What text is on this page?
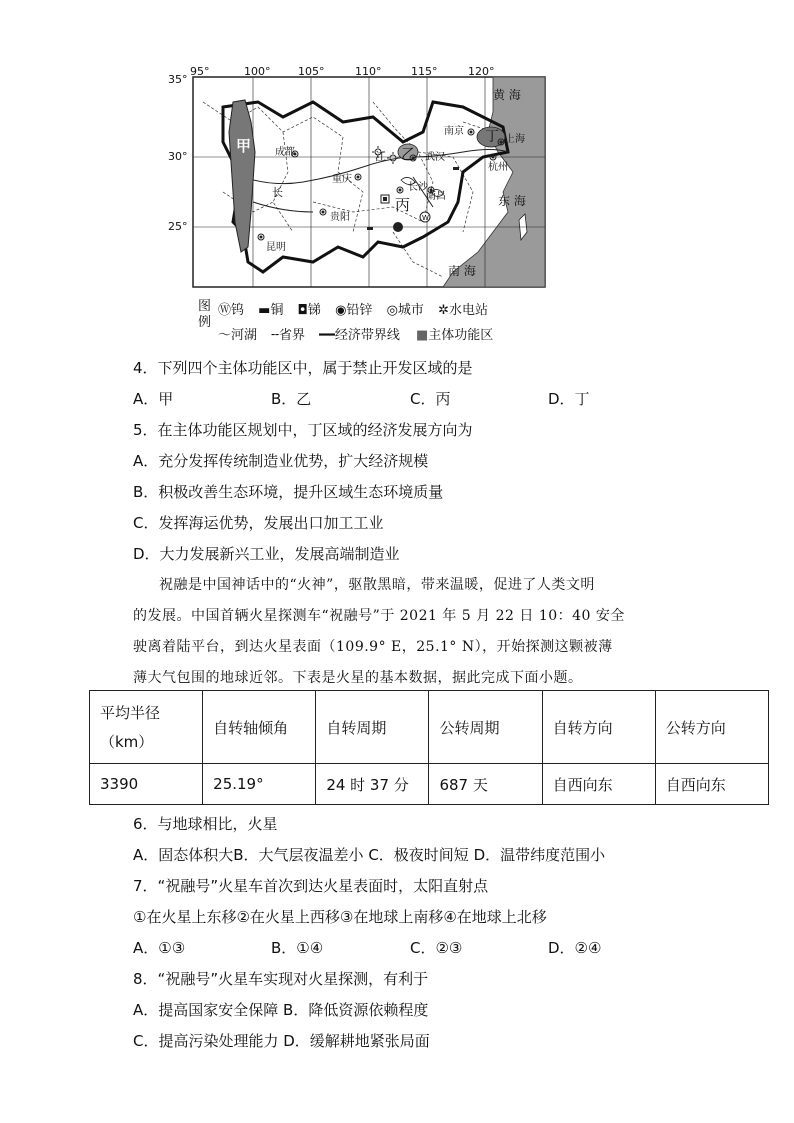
W
95°	100°	105°	110°	115°	120°
35°
30°
25°
黄 海
东 海
南 海
南京
上海
杭州
武汉
成都
重庆
长沙
南昌
贵阳
昆明
长
江
甲	乙
丙
丁
图例
Ⓦ钨 ▬铜 ◘锑 ◉铅锌 ◎城市 ✲水电站
〜河湖 ╌省界 ━━经济带界线 ■主体功能区
4．下列四个主体功能区中，属于禁止开发区域的是
A．甲	B．乙	C．丙	D．丁
5．在主体功能区规划中，丁区域的经济发展方向为
A．充分发挥传统制造业优势，扩大经济规模
B．积极改善生态环境，提升区域生态环境质量
C．发挥海运优势，发展出口加工工业
D．大力发展新兴工业，发展高端制造业
祝融是中国神话中的“火神”，驱散黑暗，带来温暖，促进了人类文明
的发展。中国首辆火星探测车“祝融号”于 2021 年 5 月 22 日 10：40 安全
驶离着陆平台，到达火星表面（109.9° E，25.1° N），开始探测这颗被薄
薄大气包围的地球近邻。下表是火星的基本数据，据此完成下面小题。
平均半径
（km）	自转轴倾角	自转周期	公转周期	自转方向	公转方向
3390	25.19°	24 时 37 分	687 天	自西向东	自西向东
6．与地球相比，火星
A．固态体积大B．大气层夜温差小 C．极夜时间短 D．温带纬度范围小
7．“祝融号”火星车首次到达火星表面时，太阳直射点
①在火星上东移②在火星上西移③在地球上南移④在地球上北移
A．①③	B．①④	C．②③	D．②④
8．“祝融号”火星车实现对火星探测，有利于
A．提高国家安全保障 B．降低资源依赖程度
C．提高污染处理能力 D．缓解耕地紧张局面
